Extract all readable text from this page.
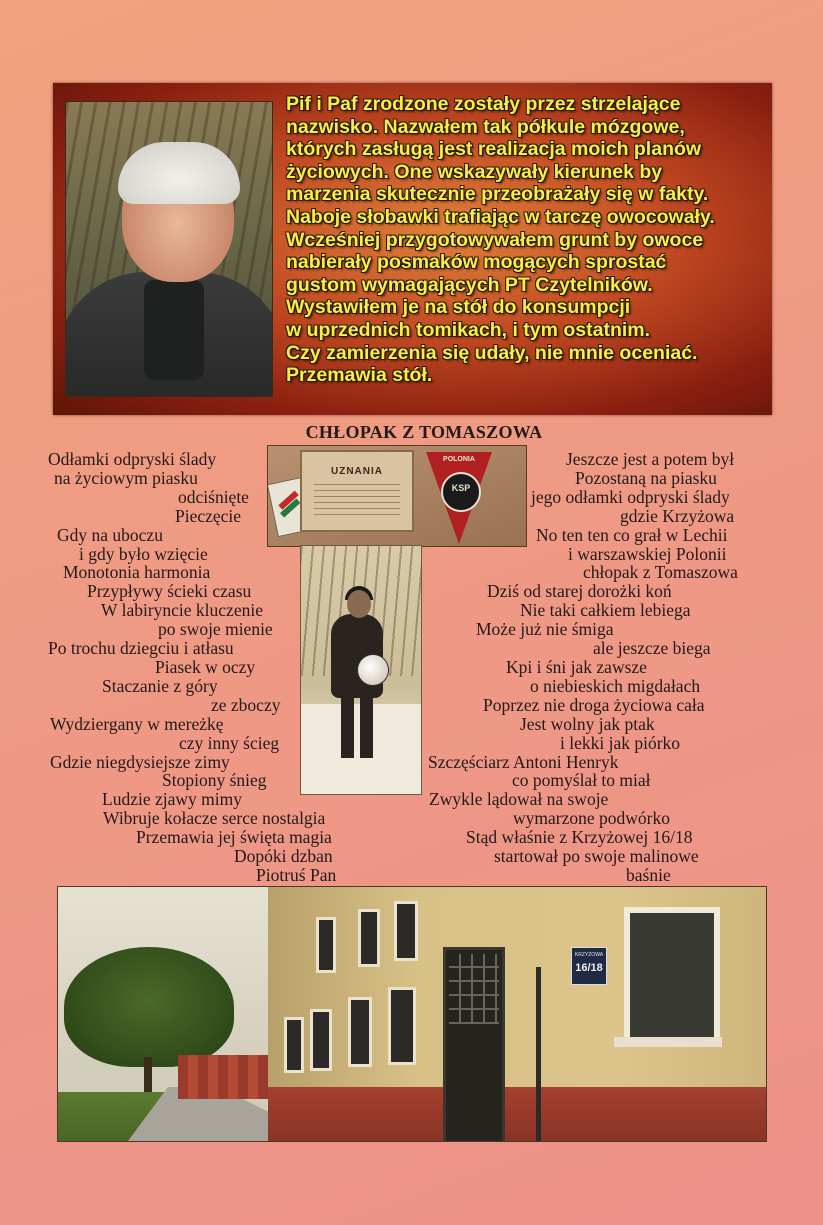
Pif i Paf zrodzone zostały przez strzelające
nazwisko. Nazwałem tak półkule mózgowe,
których zasługą jest realizacja moich planów
życiowych. One wskazywały kierunek by
marzenia skutecznie przeobrażały się w fakty.
Naboje słobawki trafiając w tarczę owocowały.
Wcześniej przygotowywałem grunt by owoce
nabierały posmaków mogących sprostać
gustom wymagających PT Czytelników.
Wystawiłem je na stół do konsumpcji
w uprzednich tomikach, i tym ostatnim.
Czy zamierzenia się udały, nie mnie oceniać.
Przemawia stół.
CHŁOPAK Z TOMASZOWA
Odłamki odpryski ślady
na życiowym piasku
odciśnięte
Pieczęcie
Gdy na uboczu
i gdy było wzięcie
Monotonia harmonia
Przypływy ścieki czasu
W labiryncie kluczenie
po swoje mienie
Po trochu dziegciu i atłasu
Piasek w oczy
Staczanie z góry
ze zboczy
Wydziergany w mereżkę
czy inny ścieg
Gdzie niegdysiejsze zimy
Stopiony śnieg
Ludzie zjawy mimy
Wibruje kołacze serce nostalgia
Przemawia jej święta magia
Dopóki dzban
Piotruś Pan
Jeszcze jest a potem był
Pozostaną na piasku
jego odłamki odpryski ślady
gdzie Krzyżowa
No ten ten co grał w Lechii
i warszawskiej Polonii
chłopak z Tomaszowa
Dziś od starej dorożki koń
Nie taki całkiem lebiega
Może już nie śmiga
ale jeszcze biega
Kpi i śni jak zawsze
o niebieskich migdałach
Poprzez nie droga życiowa cała
Jest wolny jak ptak
i lekki jak piórko
Szczęściarz Antoni Henryk
co pomyślał to miał
Zwykle lądował na swoje
wymarzone podwórko
Stąd właśnie z Krzyżowej 16/18
startował po swoje malinowe
baśnie
UZNANIA
POLONIA
KSP
KRZYŻOWA
16/18
